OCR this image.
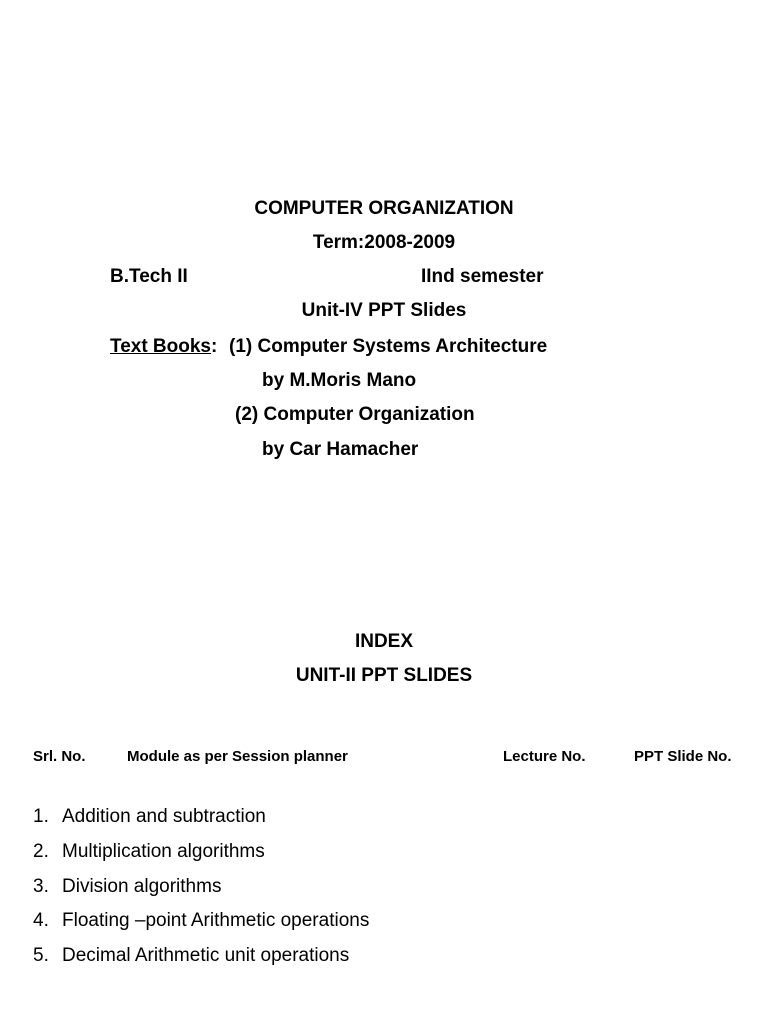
COMPUTER ORGANIZATION
Term:2008-2009
B.Tech II	IInd semester
Unit-IV PPT Slides
Text Books: (1) Computer Systems Architecture
by M.Moris Mano
(2) Computer Organization
by Car Hamacher
INDEX
UNIT-II PPT SLIDES
Srl. No.	Module as per Session planner	Lecture No.	PPT Slide No.
1. Addition and subtraction
2. Multiplication algorithms
3. Division algorithms
4. Floating –point Arithmetic operations
5. Decimal Arithmetic unit operations
